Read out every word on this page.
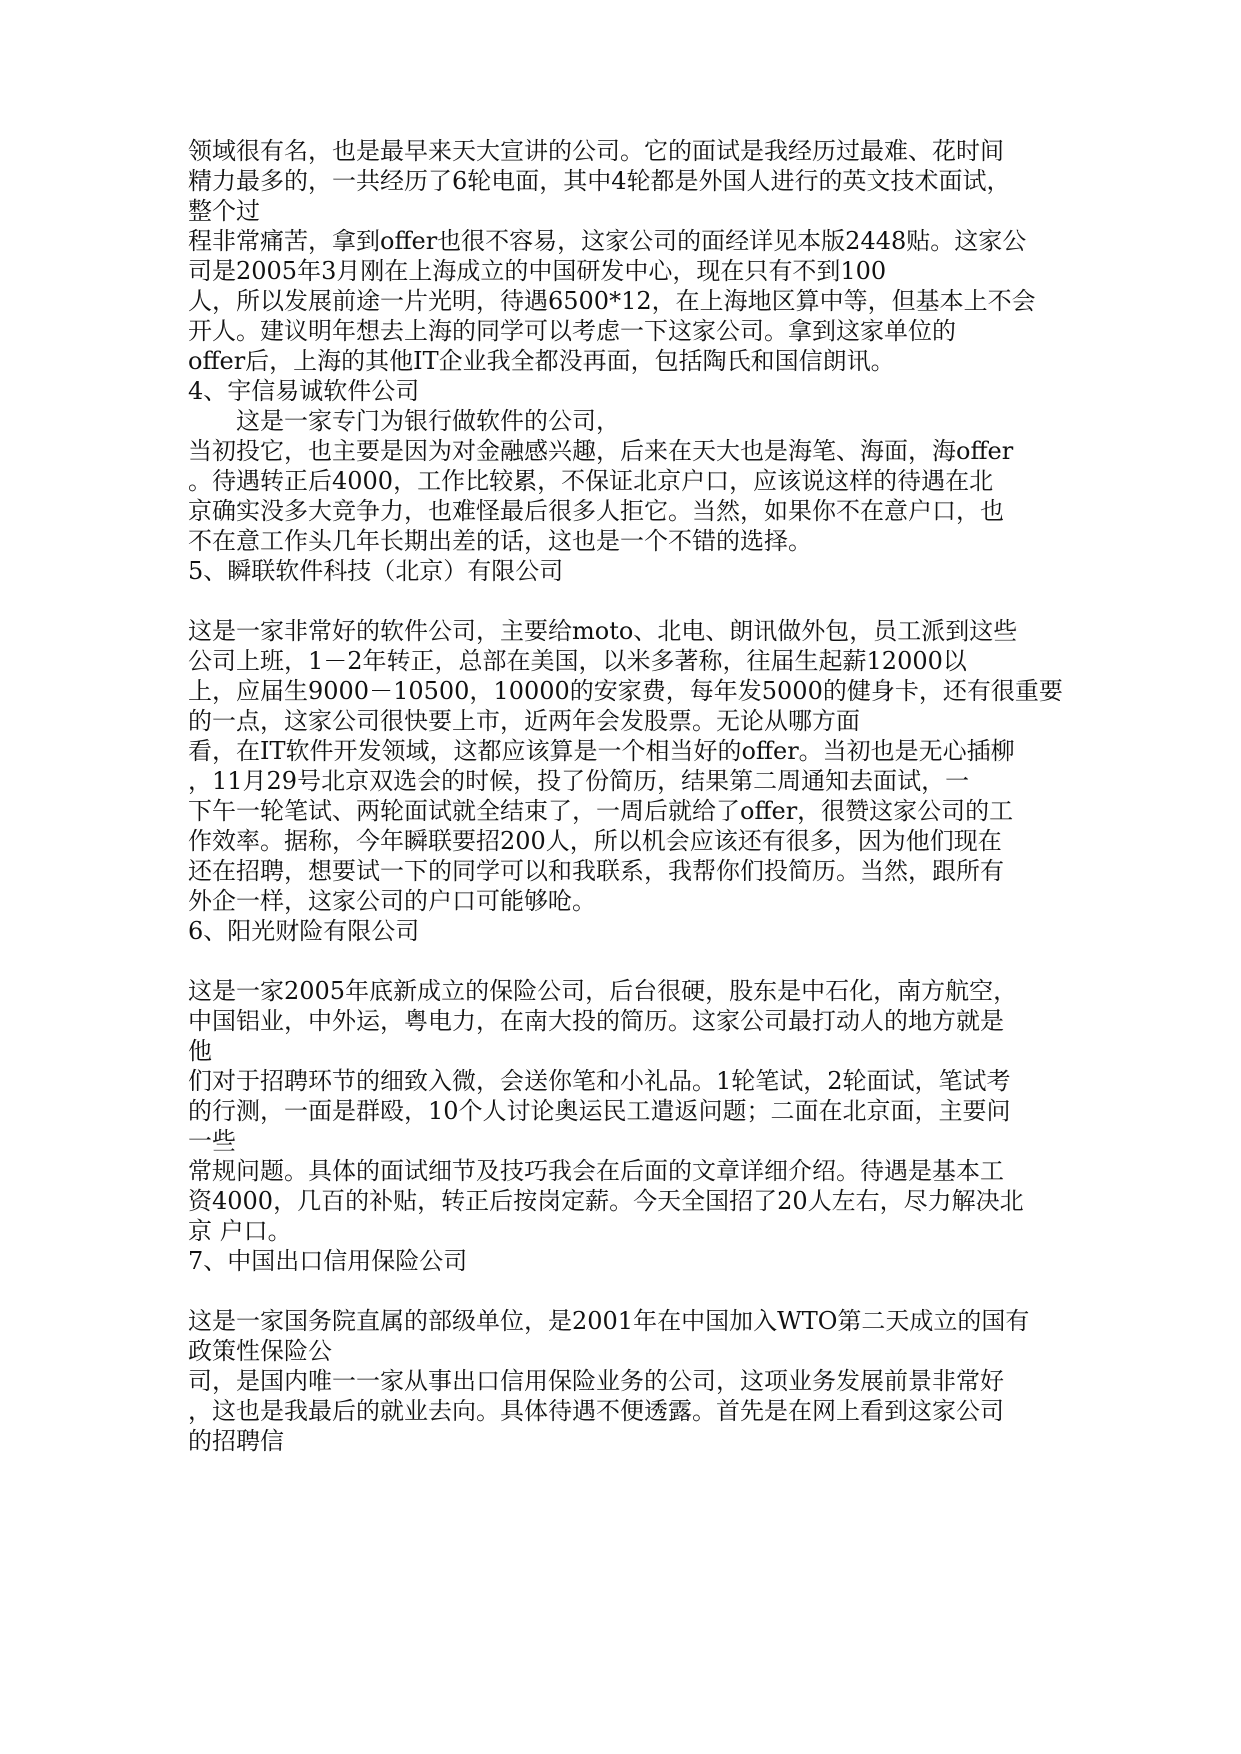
领域很有名，也是最早来天大宣讲的公司。它的面试是我经历过最难、花时间
精力最多的，一共经历了6轮电面，其中4轮都是外国人进行的英文技术面试，
整个过
程非常痛苦，拿到offer也很不容易，这家公司的面经详见本版2448贴。这家公
司是2005年3月刚在上海成立的中国研发中心，现在只有不到100
人，所以发展前途一片光明，待遇6500*12，在上海地区算中等，但基本上不会
开人。建议明年想去上海的同学可以考虑一下这家公司。拿到这家单位的
offer后，上海的其他IT企业我全都没再面，包括陶氏和国信朗讯。
4、宇信易诚软件公司
　　这是一家专门为银行做软件的公司，
当初投它，也主要是因为对金融感兴趣，后来在天大也是海笔、海面，海offer
。待遇转正后4000，工作比较累，不保证北京户口，应该说这样的待遇在北
京确实没多大竞争力，也难怪最后很多人拒它。当然，如果你不在意户口，也
不在意工作头几年长期出差的话，这也是一个不错的选择。
5、瞬联软件科技（北京）有限公司
这是一家非常好的软件公司，主要给moto、北电、朗讯做外包，员工派到这些
公司上班，1－2年转正，总部在美国，以米多著称，往届生起薪12000以
上，应届生9000－10500，10000的安家费，每年发5000的健身卡，还有很重要
的一点，这家公司很快要上市，近两年会发股票。无论从哪方面
看，在IT软件开发领域，这都应该算是一个相当好的offer。当初也是无心插柳
，11月29号北京双选会的时候，投了份简历，结果第二周通知去面试，一
下午一轮笔试、两轮面试就全结束了，一周后就给了offer，很赞这家公司的工
作效率。据称，今年瞬联要招200人，所以机会应该还有很多，因为他们现在
还在招聘，想要试一下的同学可以和我联系，我帮你们投简历。当然，跟所有
外企一样，这家公司的户口可能够呛。
6、阳光财险有限公司
这是一家2005年底新成立的保险公司，后台很硬，股东是中石化，南方航空，
中国铝业，中外运，粤电力，在南大投的简历。这家公司最打动人的地方就是
他
们对于招聘环节的细致入微，会送你笔和小礼品。1轮笔试，2轮面试，笔试考
的行测，一面是群殴，10个人讨论奥运民工遣返问题；二面在北京面，主要问
一些
常规问题。具体的面试细节及技巧我会在后面的文章详细介绍。待遇是基本工
资4000，几百的补贴，转正后按岗定薪。今天全国招了20人左右，尽力解决北
京 户口。
7、中国出口信用保险公司
这是一家国务院直属的部级单位，是2001年在中国加入WTO第二天成立的国有
政策性保险公
司，是国内唯一一家从事出口信用保险业务的公司，这项业务发展前景非常好
，这也是我最后的就业去向。具体待遇不便透露。首先是在网上看到这家公司
的招聘信
